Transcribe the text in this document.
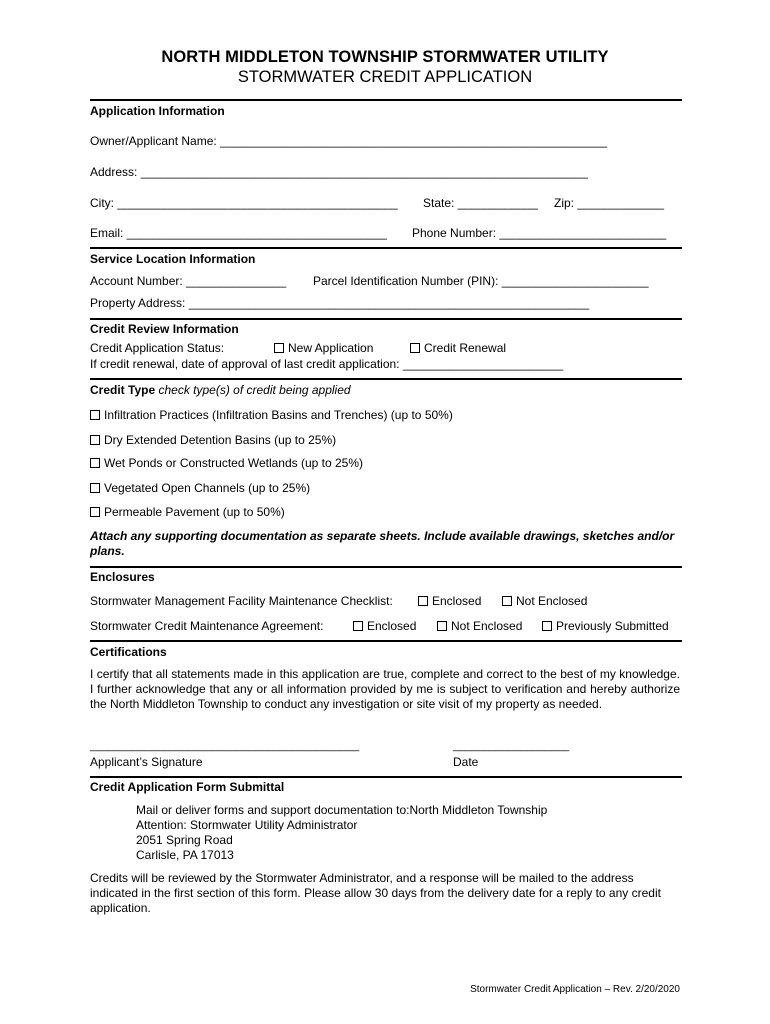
NORTH MIDDLETON TOWNSHIP STORMWATER UTILITY
STORMWATER CREDIT APPLICATION
Application Information
Owner/Applicant Name: __________________________________________________________
Address: ___________________________________________________________________
City: __________________________________________ State: ____________ Zip: _____________
Email: _______________________________________ Phone Number: _________________________
Service Location Information
Account Number: _______________ Parcel Identification Number (PIN): ______________________
Property Address: ____________________________________________________________
Credit Review Information
Credit Application Status:	New Application	Credit Renewal
If credit renewal, date of approval of last credit application: ________________________
Credit Type check type(s) of credit being applied
Infiltration Practices (Infiltration Basins and Trenches) (up to 50%)
Dry Extended Detention Basins (up to 25%)
Wet Ponds or Constructed Wetlands (up to 25%)
Vegetated Open Channels (up to 25%)
Permeable Pavement (up to 50%)
Attach any supporting documentation as separate sheets. Include available drawings, sketches and/or plans.
Enclosures
Stormwater Management Facility Maintenance Checklist:	Enclosed	Not Enclosed
Stormwater Credit Maintenance Agreement:	Enclosed	Not Enclosed	Previously Submitted
Certifications
I certify that all statements made in this application are true, complete and correct to the best of my knowledge. I further acknowledge that any or all information provided by me is subject to verification and hereby authorize the North Middleton Township to conduct any investigation or site visit of my property as needed.
____________________________________________	___________________
Applicant’s Signature	Date
Credit Application Form Submittal
Mail or deliver forms and support documentation to:North Middleton Township
Attention: Stormwater Utility Administrator
2051 Spring Road
Carlisle, PA 17013
Credits will be reviewed by the Stormwater Administrator, and a response will be mailed to the address indicated in the first section of this form. Please allow 30 days from the delivery date for a reply to any credit application.
Stormwater Credit Application – Rev. 2/20/2020
